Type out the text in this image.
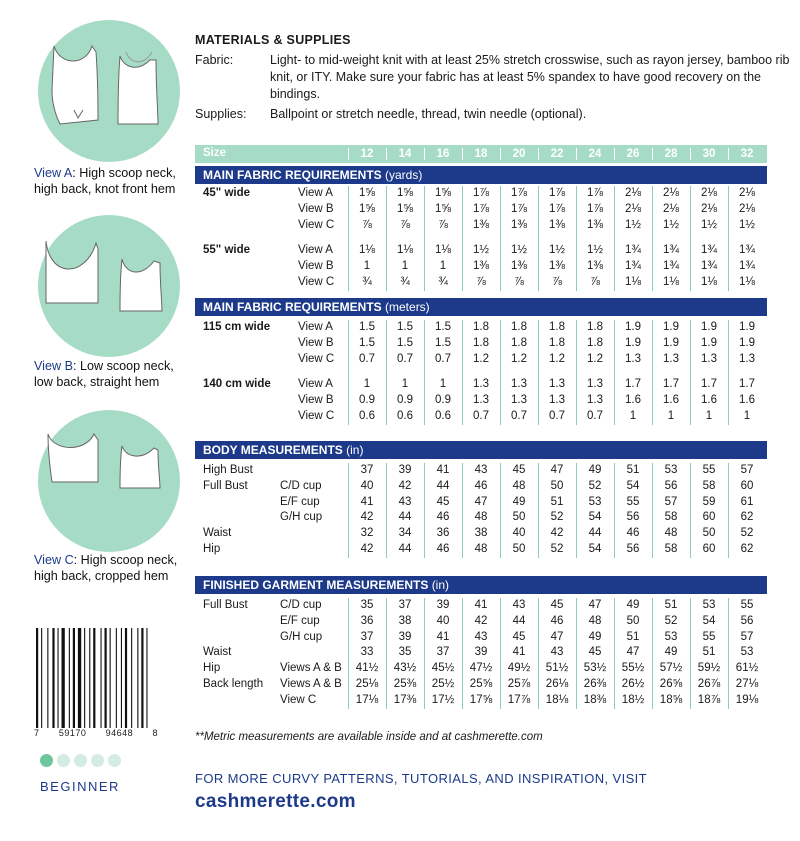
View A: High scoop neck, high back, knot front hem
View B: Low scoop neck, low back, straight hem
View C: High scoop neck, high back, cropped hem
7 59170 94648 8
BEGINNER
MATERIALS & SUPPLIES
Fabric:	Light- to mid-weight knit with at least 25% stretch crosswise, such as rayon jersey, bamboo rib knit, or ITY. Make sure your fabric has at least 5% spandex to have good recovery on the bindings.
Supplies:	Ballpoint or stretch needle, thread, twin needle (optional).
Size	12	14	16	18	20	22	24	26	28	30	32
MAIN FABRIC REQUIREMENTS (yards)
45" wide	View A	1⅝	1⅝	1⅝	1⅞	1⅞	1⅞	1⅞	2⅛	2⅛	2⅛	2⅛
View B	1⅝	1⅝	1⅝	1⅞	1⅞	1⅞	1⅞	2⅛	2⅛	2⅛	2⅛
View C	⅞	⅞	⅞	1⅜	1⅜	1⅜	1⅜	1½	1½	1½	1½
55" wide	View A	1⅛	1⅛	1⅛	1½	1½	1½	1½	1¾	1¾	1¾	1¾
View B	1	1	1	1⅜	1⅜	1⅜	1⅜	1¾	1¾	1¾	1¾
View C	¾	¾	¾	⅞	⅞	⅞	⅞	1⅛	1⅛	1⅛	1⅛
MAIN FABRIC REQUIREMENTS (meters)
115 cm wide View A	1.5	1.5	1.5	1.8	1.8	1.8	1.8	1.9	1.9	1.9	1.9
View B	1.5	1.5	1.5	1.8	1.8	1.8	1.8	1.9	1.9	1.9	1.9
View C	0.7	0.7	0.7	1.2	1.2	1.2	1.2	1.3	1.3	1.3	1.3
140 cm wide View A	1	1	1	1.3	1.3	1.3	1.3	1.7	1.7	1.7	1.7
View B	0.9	0.9	0.9	1.3	1.3	1.3	1.3	1.6	1.6	1.6	1.6
View C	0.6	0.6	0.6	0.7	0.7	0.7	0.7	1	1	1	1
BODY MEASUREMENTS (in)
High Bust	37	39	41	43	45	47	49	51	53	55	57
Full Bust	C/D cup	40	42	44	46	48	50	52	54	56	58	60
E/F cup	41	43	45	47	49	51	53	55	57	59	61
G/H cup	42	44	46	48	50	52	54	56	58	60	62
Waist	32	34	36	38	40	42	44	46	48	50	52
Hip	42	44	46	48	50	52	54	56	58	60	62
FINISHED GARMENT MEASUREMENTS (in)
Full Bust	C/D cup	35	37	39	41	43	45	47	49	51	53	55
E/F cup	36	38	40	42	44	46	48	50	52	54	56
G/H cup	37	39	41	43	45	47	49	51	53	55	57
Waist	33	35	37	39	41	43	45	47	49	51	53
Hip	Views A & B	41½	43½	45½	47½	49½	51½	53½	55½	57½	59½	61½
Back length Views A & B	25⅛	25⅜	25½	25⅝	25⅞	26⅛	26⅜	26½	26⅝	26⅞	27⅛
View C	17⅛	17⅜	17½	17⅝	17⅞	18⅛	18⅜	18½	18⅝	18⅞	19⅛
**Metric measurements are available inside and at cashmerette.com
FOR MORE CURVY PATTERNS, TUTORIALS, AND INSPIRATION, VISIT
cashmerette.com
